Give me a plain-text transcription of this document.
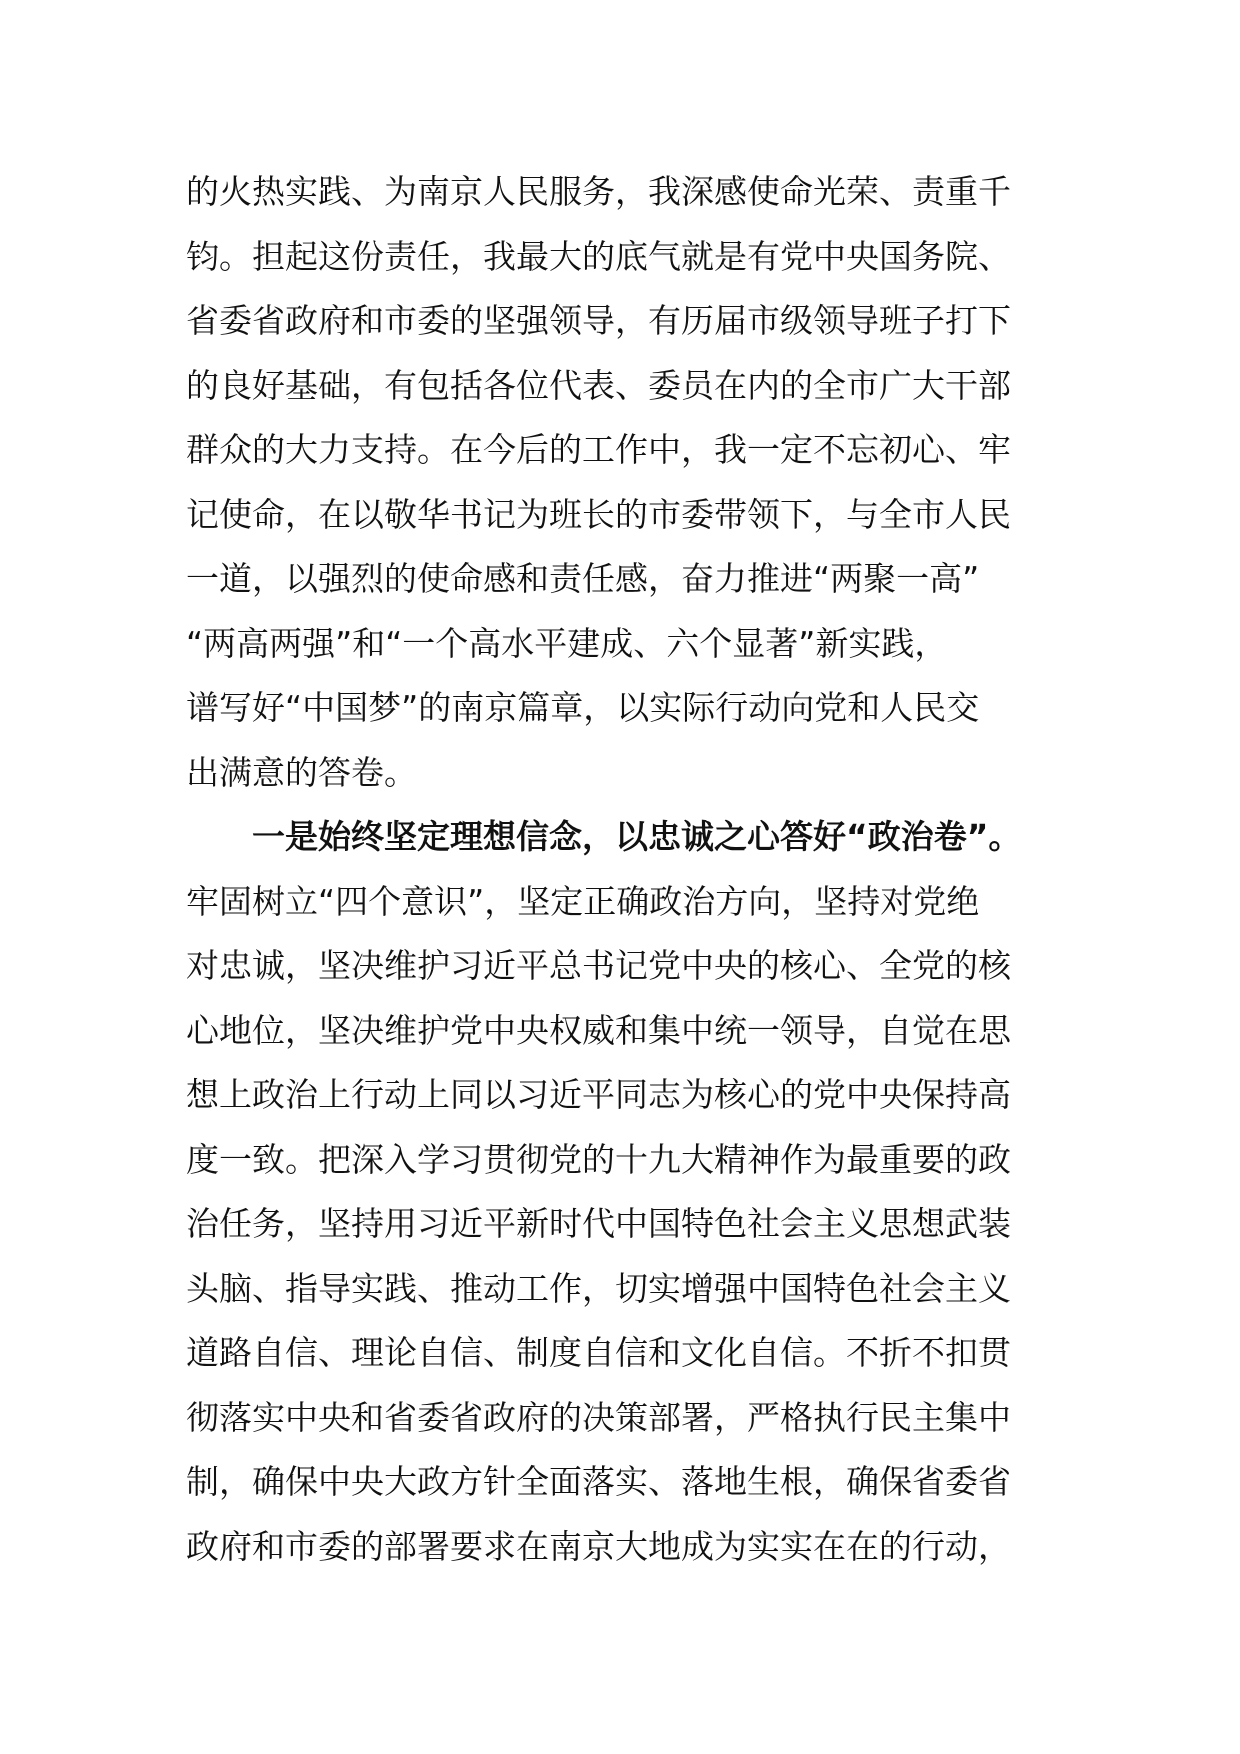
的火热实践、为南京人民服务，我深感使命光荣、责重千
钧。担起这份责任，我最大的底气就是有党中央国务院、
省委省政府和市委的坚强领导，有历届市级领导班子打下
的良好基础，有包括各位代表、委员在内的全市广大干部
群众的大力支持。在今后的工作中，我一定不忘初心、牢
记使命，在以敬华书记为班长的市委带领下，与全市人民
一道，以强烈的使命感和责任感，奋力推进“两聚一高”
“两高两强”和“一个高水平建成、六个显著”新实践，
谱写好“中国梦”的南京篇章，以实际行动向党和人民交
出满意的答卷。
一是始终坚定理想信念，以忠诚之心答好“政治卷”。
牢固树立“四个意识”，坚定正确政治方向，坚持对党绝
对忠诚，坚决维护习近平总书记党中央的核心、全党的核
心地位，坚决维护党中央权威和集中统一领导，自觉在思
想上政治上行动上同以习近平同志为核心的党中央保持高
度一致。把深入学习贯彻党的十九大精神作为最重要的政
治任务，坚持用习近平新时代中国特色社会主义思想武装
头脑、指导实践、推动工作，切实增强中国特色社会主义
道路自信、理论自信、制度自信和文化自信。不折不扣贯
彻落实中央和省委省政府的决策部署，严格执行民主集中
制，确保中央大政方针全面落实、落地生根，确保省委省
政府和市委的部署要求在南京大地成为实实在在的行动，
